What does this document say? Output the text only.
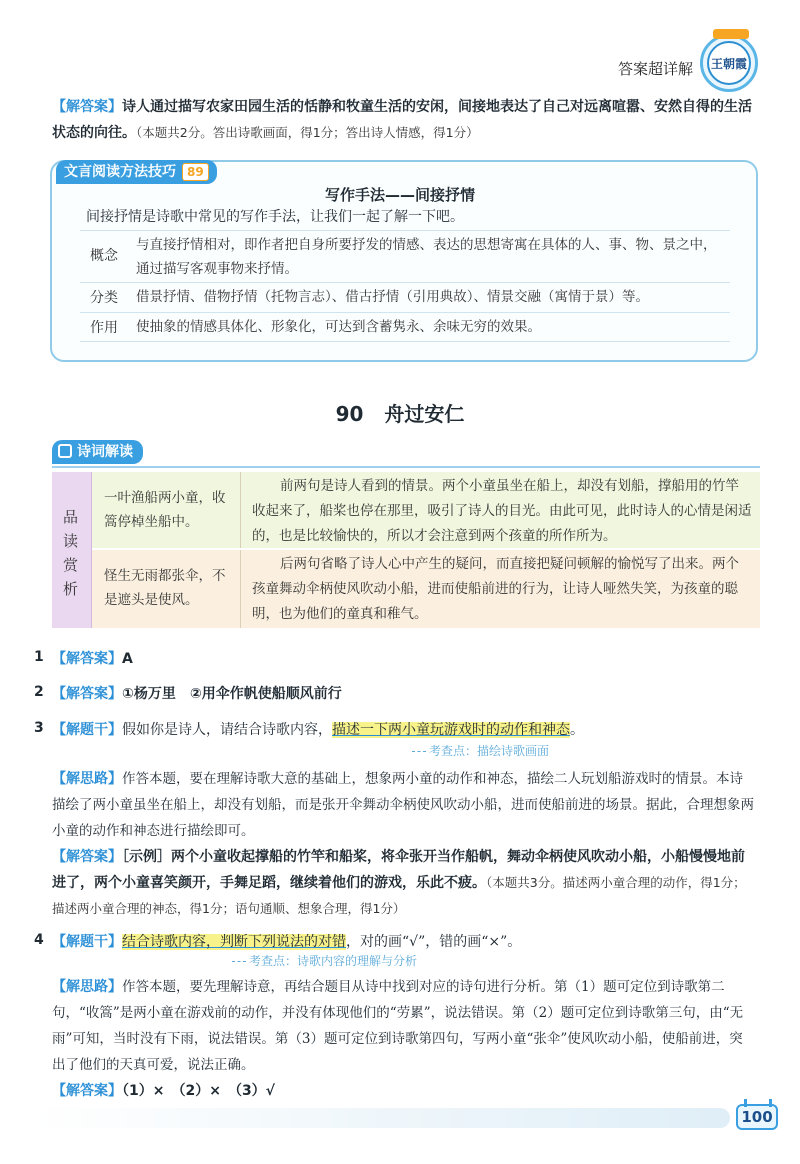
答案超详解	王朝霞
【解答案】诗人通过描写农家田园生活的恬静和牧童生活的安闲，间接地表达了自己对远离喧嚣、安然自得的生活状态的向往。（本题共2分。答出诗歌画面，得1分；答出诗人情感，得1分）
文言阅读方法技巧 89
写作手法——间接抒情
间接抒情是诗歌中常见的写作手法，让我们一起了解一下吧。
概念
与直接抒情相对，即作者把自身所要抒发的情感、表达的思想寄寓在具体的人、事、物、景之中，通过描写客观事物来抒情。
分类 借景抒情、借物抒情（托物言志）、借古抒情（引用典故）、情景交融（寓情于景）等。
作用 使抽象的情感具体化、形象化，可达到含蓄隽永、余味无穷的效果。
90 舟过安仁
诗词解读
品
读
赏
析
一叶渔船两小童，收篙停棹坐船中。
前两句是诗人看到的情景。两个小童虽坐在船上，却没有划船，撑船用的竹竿收起来了，船桨也停在那里，吸引了诗人的目光。由此可见，此时诗人的心情是闲适的，也是比较愉快的，所以才会注意到两个孩童的所作所为。
怪生无雨都张伞，不是遮头是使风。
后两句省略了诗人心中产生的疑问，而直接把疑问顿解的愉悦写了出来。两个孩童舞动伞柄使风吹动小船，进而使船前进的行为，让诗人哑然失笑，为孩童的聪明，也为他们的童真和稚气。
1 【解答案】A
2 【解答案】①杨万里　②用伞作帆使船顺风前行
3 【解题干】假如你是诗人，请结合诗歌内容，描述一下两小童玩游戏时的动作和神态。
考查点：描绘诗歌画面
【解思路】作答本题，要在理解诗歌大意的基础上，想象两小童的动作和神态，描绘二人玩划船游戏时的情景。本诗描绘了两小童虽坐在船上，却没有划船，而是张开伞舞动伞柄使风吹动小船，进而使船前进的场景。据此，合理想象两小童的动作和神态进行描绘即可。
【解答案】［示例］两个小童收起撑船的竹竿和船桨，将伞张开当作船帆，舞动伞柄使风吹动小船，小船慢慢地前进了，两个小童喜笑颜开，手舞足蹈，继续着他们的游戏，乐此不疲。（本题共3分。描述两小童合理的动作，得1分；描述两小童合理的神态，得1分；语句通顺、想象合理，得1分）
4 【解题干】结合诗歌内容，判断下列说法的对错，对的画“√”，错的画“×”。
考查点：诗歌内容的理解与分析
【解思路】作答本题，要先理解诗意，再结合题目从诗中找到对应的诗句进行分析。第（1）题可定位到诗歌第二句，“收篙”是两小童在游戏前的动作，并没有体现他们的“劳累”，说法错误。第（2）题可定位到诗歌第三句，由“无雨”可知，当时没有下雨，说法错误。第（3）题可定位到诗歌第四句，写两小童“张伞”使风吹动小船，使船前进，突出了他们的天真可爱，说法正确。
【解答案】（1）×　（2）×　（3）√
100
